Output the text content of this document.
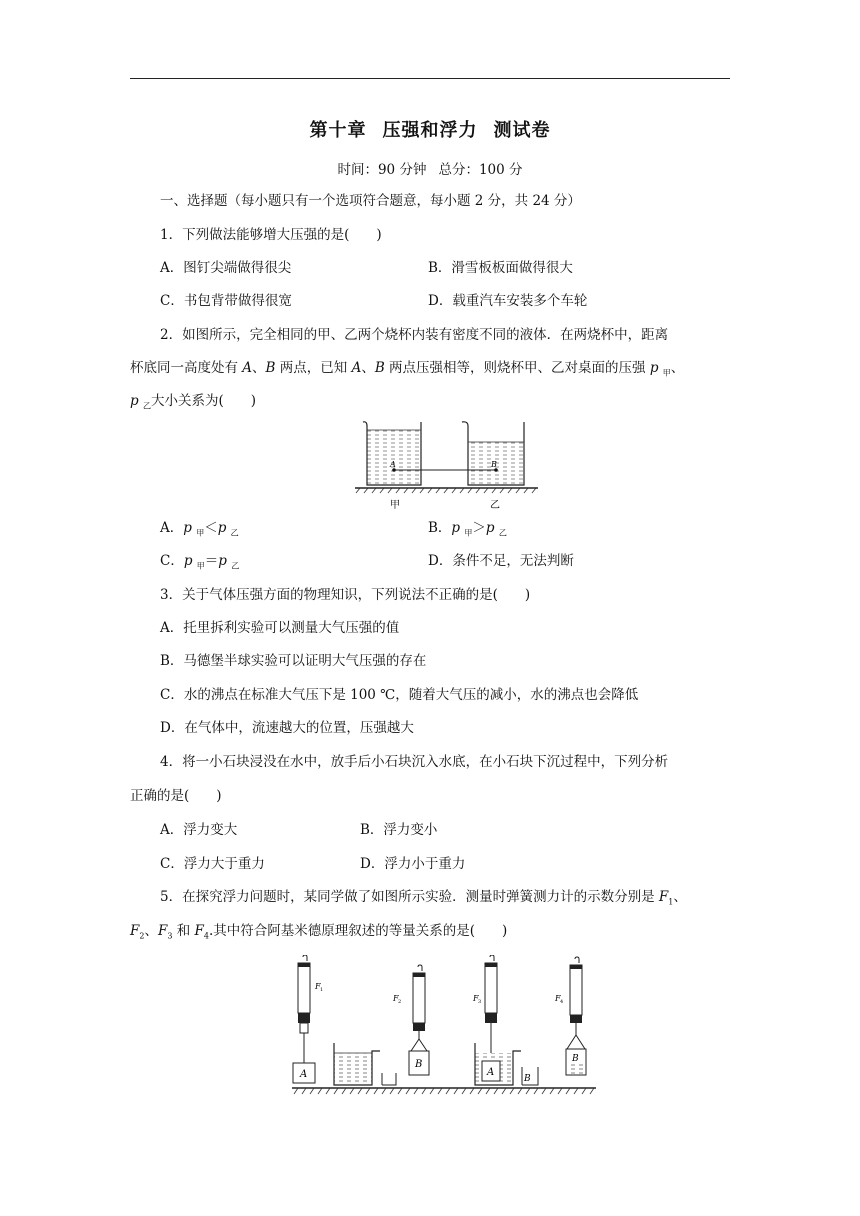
第十章 压强和浮力 测试卷
时间：90 分钟 总分：100 分
一、选择题（每小题只有一个选项符合题意，每小题 2 分，共 24 分）
1．下列做法能够增大压强的是(　　)
A．图钉尖端做得很尖	B．滑雪板板面做得很大
C．书包背带做得很宽	D．载重汽车安装多个车轮
2．如图所示，完全相同的甲、乙两个烧杯内装有密度不同的液体．在两烧杯中，距离
杯底同一高度处有 A、B 两点，已知 A、B 两点压强相等，则烧杯甲、乙对桌面的压强 p $_甲$、
p $_乙$大小关系为(　　)
A	B
甲	乙
A．p $_甲$＜p $_乙$	B．p $_甲$＞p $_乙$
C．p $_甲$＝p $_乙$	D．条件不足，无法判断
3．关于气体压强方面的物理知识，下列说法不正确的是(　　)
A．托里拆利实验可以测量大气压强的值
B．马德堡半球实验可以证明大气压强的存在
C．水的沸点在标准大气压下是 100 ℃，随着大气压的减小，水的沸点也会降低
D．在气体中，流速越大的位置，压强越大
4．将一小石块浸没在水中，放手后小石块沉入水底，在小石块下沉过程中，下列分析
正确的是(　　)
A．浮力变大	B．浮力变小
C．浮力大于重力	D．浮力小于重力
5．在探究浮力问题时，某同学做了如图所示实验．测量时弹簧测力计的示数分别是 $F_1$、
$F_2$、$F_3$ 和 $F_4$.其中符合阿基米德原理叙述的等量关系的是(　　)
A
F 1
B
F 2
A
B
F 3
B
F 4
